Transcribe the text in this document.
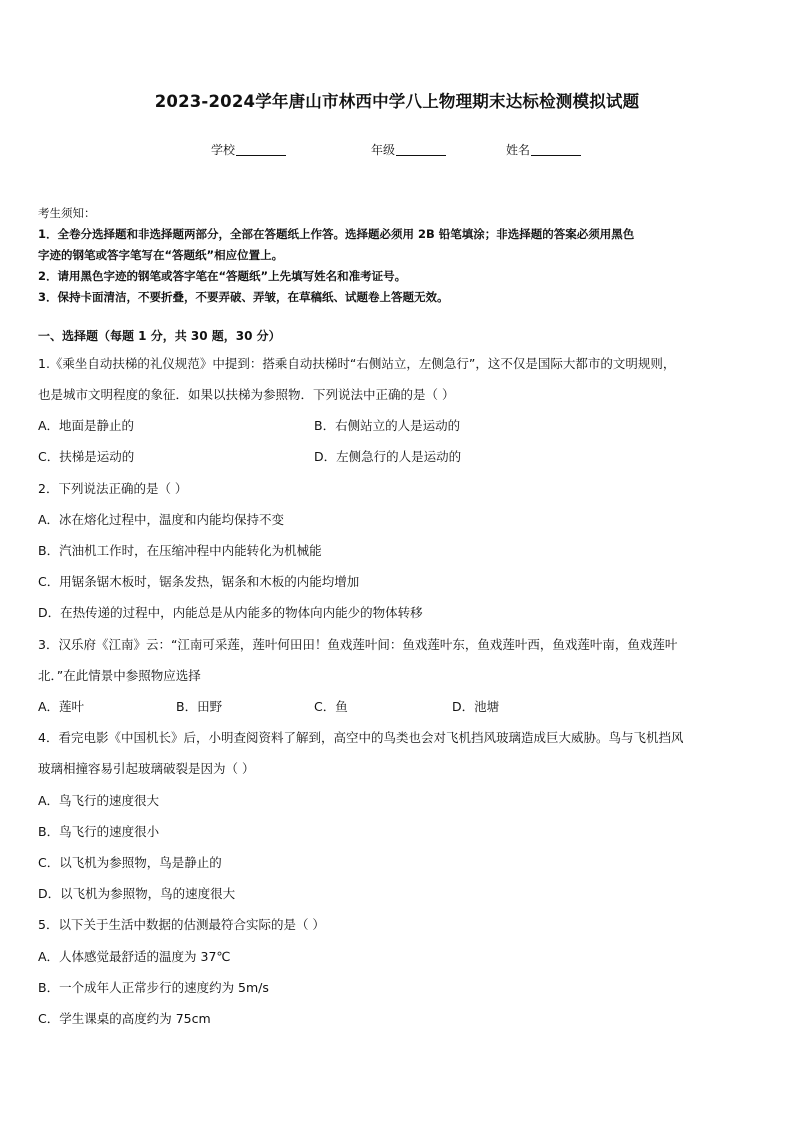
2023-2024学年唐山市林西中学八上物理期末达标检测模拟试题
学校	年级	姓名
考生须知：
1．全卷分选择题和非选择题两部分，全部在答题纸上作答。选择题必须用 2B 铅笔填涂；非选择题的答案必须用黑色
字迹的钢笔或答字笔写在“答题纸”相应位置上。
2．请用黑色字迹的钢笔或答字笔在“答题纸”上先填写姓名和准考证号。
3．保持卡面清洁，不要折叠，不要弄破、弄皱，在草稿纸、试题卷上答题无效。
一、选择题（每题 1 分，共 30 题，30 分）
1.《乘坐自动扶梯的礼仪规范》中提到：搭乘自动扶梯时“右侧站立，左侧急行”，这不仅是国际大都市的文明规则，
也是城市文明程度的象征．如果以扶梯为参照物．下列说法中正确的是（ ）
A．地面是静止的	B．右侧站立的人是运动的
C．扶梯是运动的	D．左侧急行的人是运动的
2．下列说法正确的是（ ）
A．冰在熔化过程中，温度和内能均保持不变
B．汽油机工作时，在压缩冲程中内能转化为机械能
C．用锯条锯木板时，锯条发热，锯条和木板的内能均增加
D．在热传递的过程中，内能总是从内能多的物体向内能少的物体转移
3．汉乐府《江南》云：“江南可采莲，莲叶何田田！鱼戏莲叶间：鱼戏莲叶东，鱼戏莲叶西，鱼戏莲叶南，鱼戏莲叶
北．”在此情景中参照物应选择
A．莲叶	B．田野	C．鱼	D．池塘
4．看完电影《中国机长》后，小明查阅资料了解到，高空中的鸟类也会对飞机挡风玻璃造成巨大威胁。鸟与飞机挡风
玻璃相撞容易引起玻璃破裂是因为（ ）
A．鸟飞行的速度很大
B．鸟飞行的速度很小
C．以飞机为参照物，鸟是静止的
D．以飞机为参照物，鸟的速度很大
5．以下关于生活中数据的估测最符合实际的是（ ）
A．人体感觉最舒适的温度为 37℃
B．一个成年人正常步行的速度约为 5m/s
C．学生课桌的高度约为 75cm
